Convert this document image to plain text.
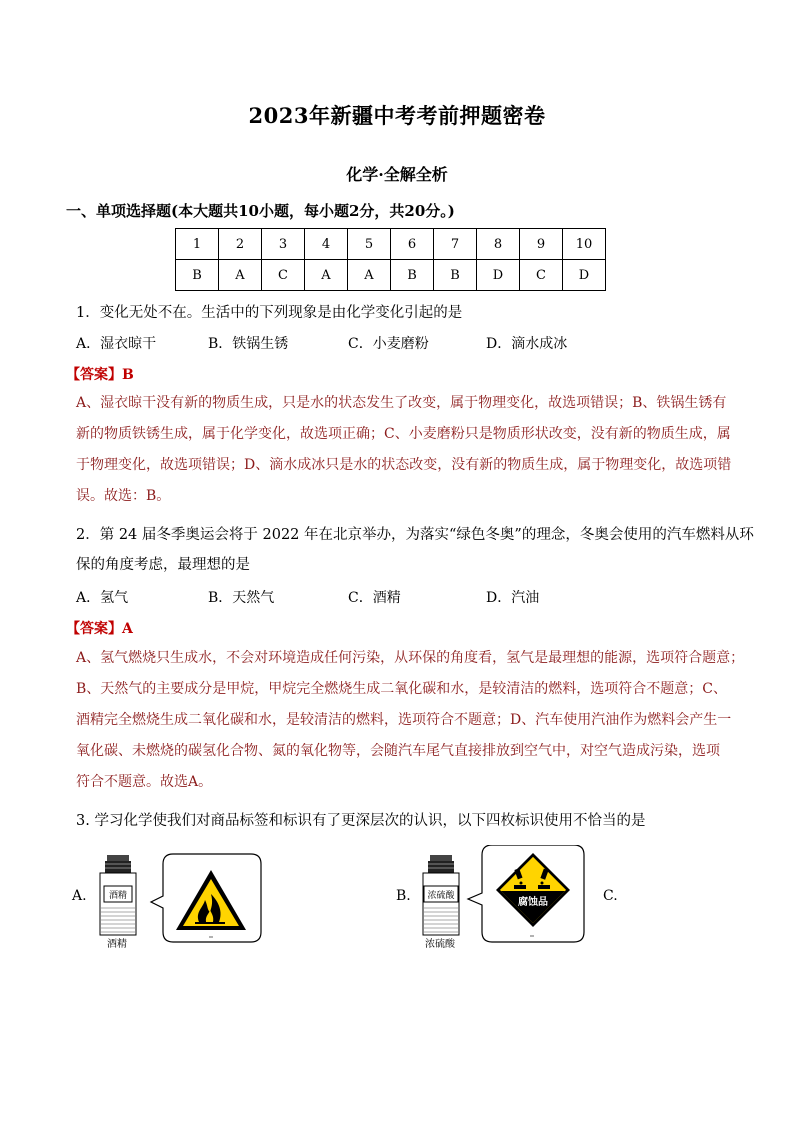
2023年新疆中考考前押题密卷
化学·全解全析
一、单项选择题(本大题共10小题，每小题2分，共20分。)
1	2	3	4	5	6	7	8	9	10
B	A	C	A	A	B	B	D	C	D
1．变化无处不在。生活中的下列现象是由化学变化引起的是
A．湿衣晾干	B．铁锅生锈	C．小麦磨粉	D．滴水成冰
【答案】B
A、湿衣晾干没有新的物质生成，只是水的状态发生了改变，属于物理变化，故选项错误；B、铁锅生锈有
新的物质铁锈生成，属于化学变化，故选项正确；C、小麦磨粉只是物质形状改变，没有新的物质生成，属
于物理变化，故选项错误；D、滴水成冰只是水的状态改变，没有新的物质生成，属于物理变化，故选项错
误。故选：B。
2．第 24 届冬季奥运会将于 2022 年在北京举办，为落实“绿色冬奥”的理念，冬奥会使用的汽车燃料从环
保的角度考虑，最理想的是
A．氢气	B．天然气	C．酒精	D．汽油
【答案】A
A、氢气燃烧只生成水，不会对环境造成任何污染，从环保的角度看，氢气是最理想的能源，选项符合题意；
B、天然气的主要成分是甲烷，甲烷完全燃烧生成二氧化碳和水，是较清洁的燃料，选项符合不题意；C、
酒精完全燃烧生成二氧化碳和水，是较清洁的燃料，选项符合不题意；D、汽车使用汽油作为燃料会产生一
氧化碳、未燃烧的碳氢化合物、氮的氧化物等，会随汽车尾气直接排放到空气中，对空气造成污染，选项
符合不题意。故选A。
3. 学习化学使我们对商品标签和标识有了更深层次的认识，以下四枚标识使用不恰当的是
A.	B.	C.
酒精
酒精
浓硫酸
浓硫酸
腐蚀品
